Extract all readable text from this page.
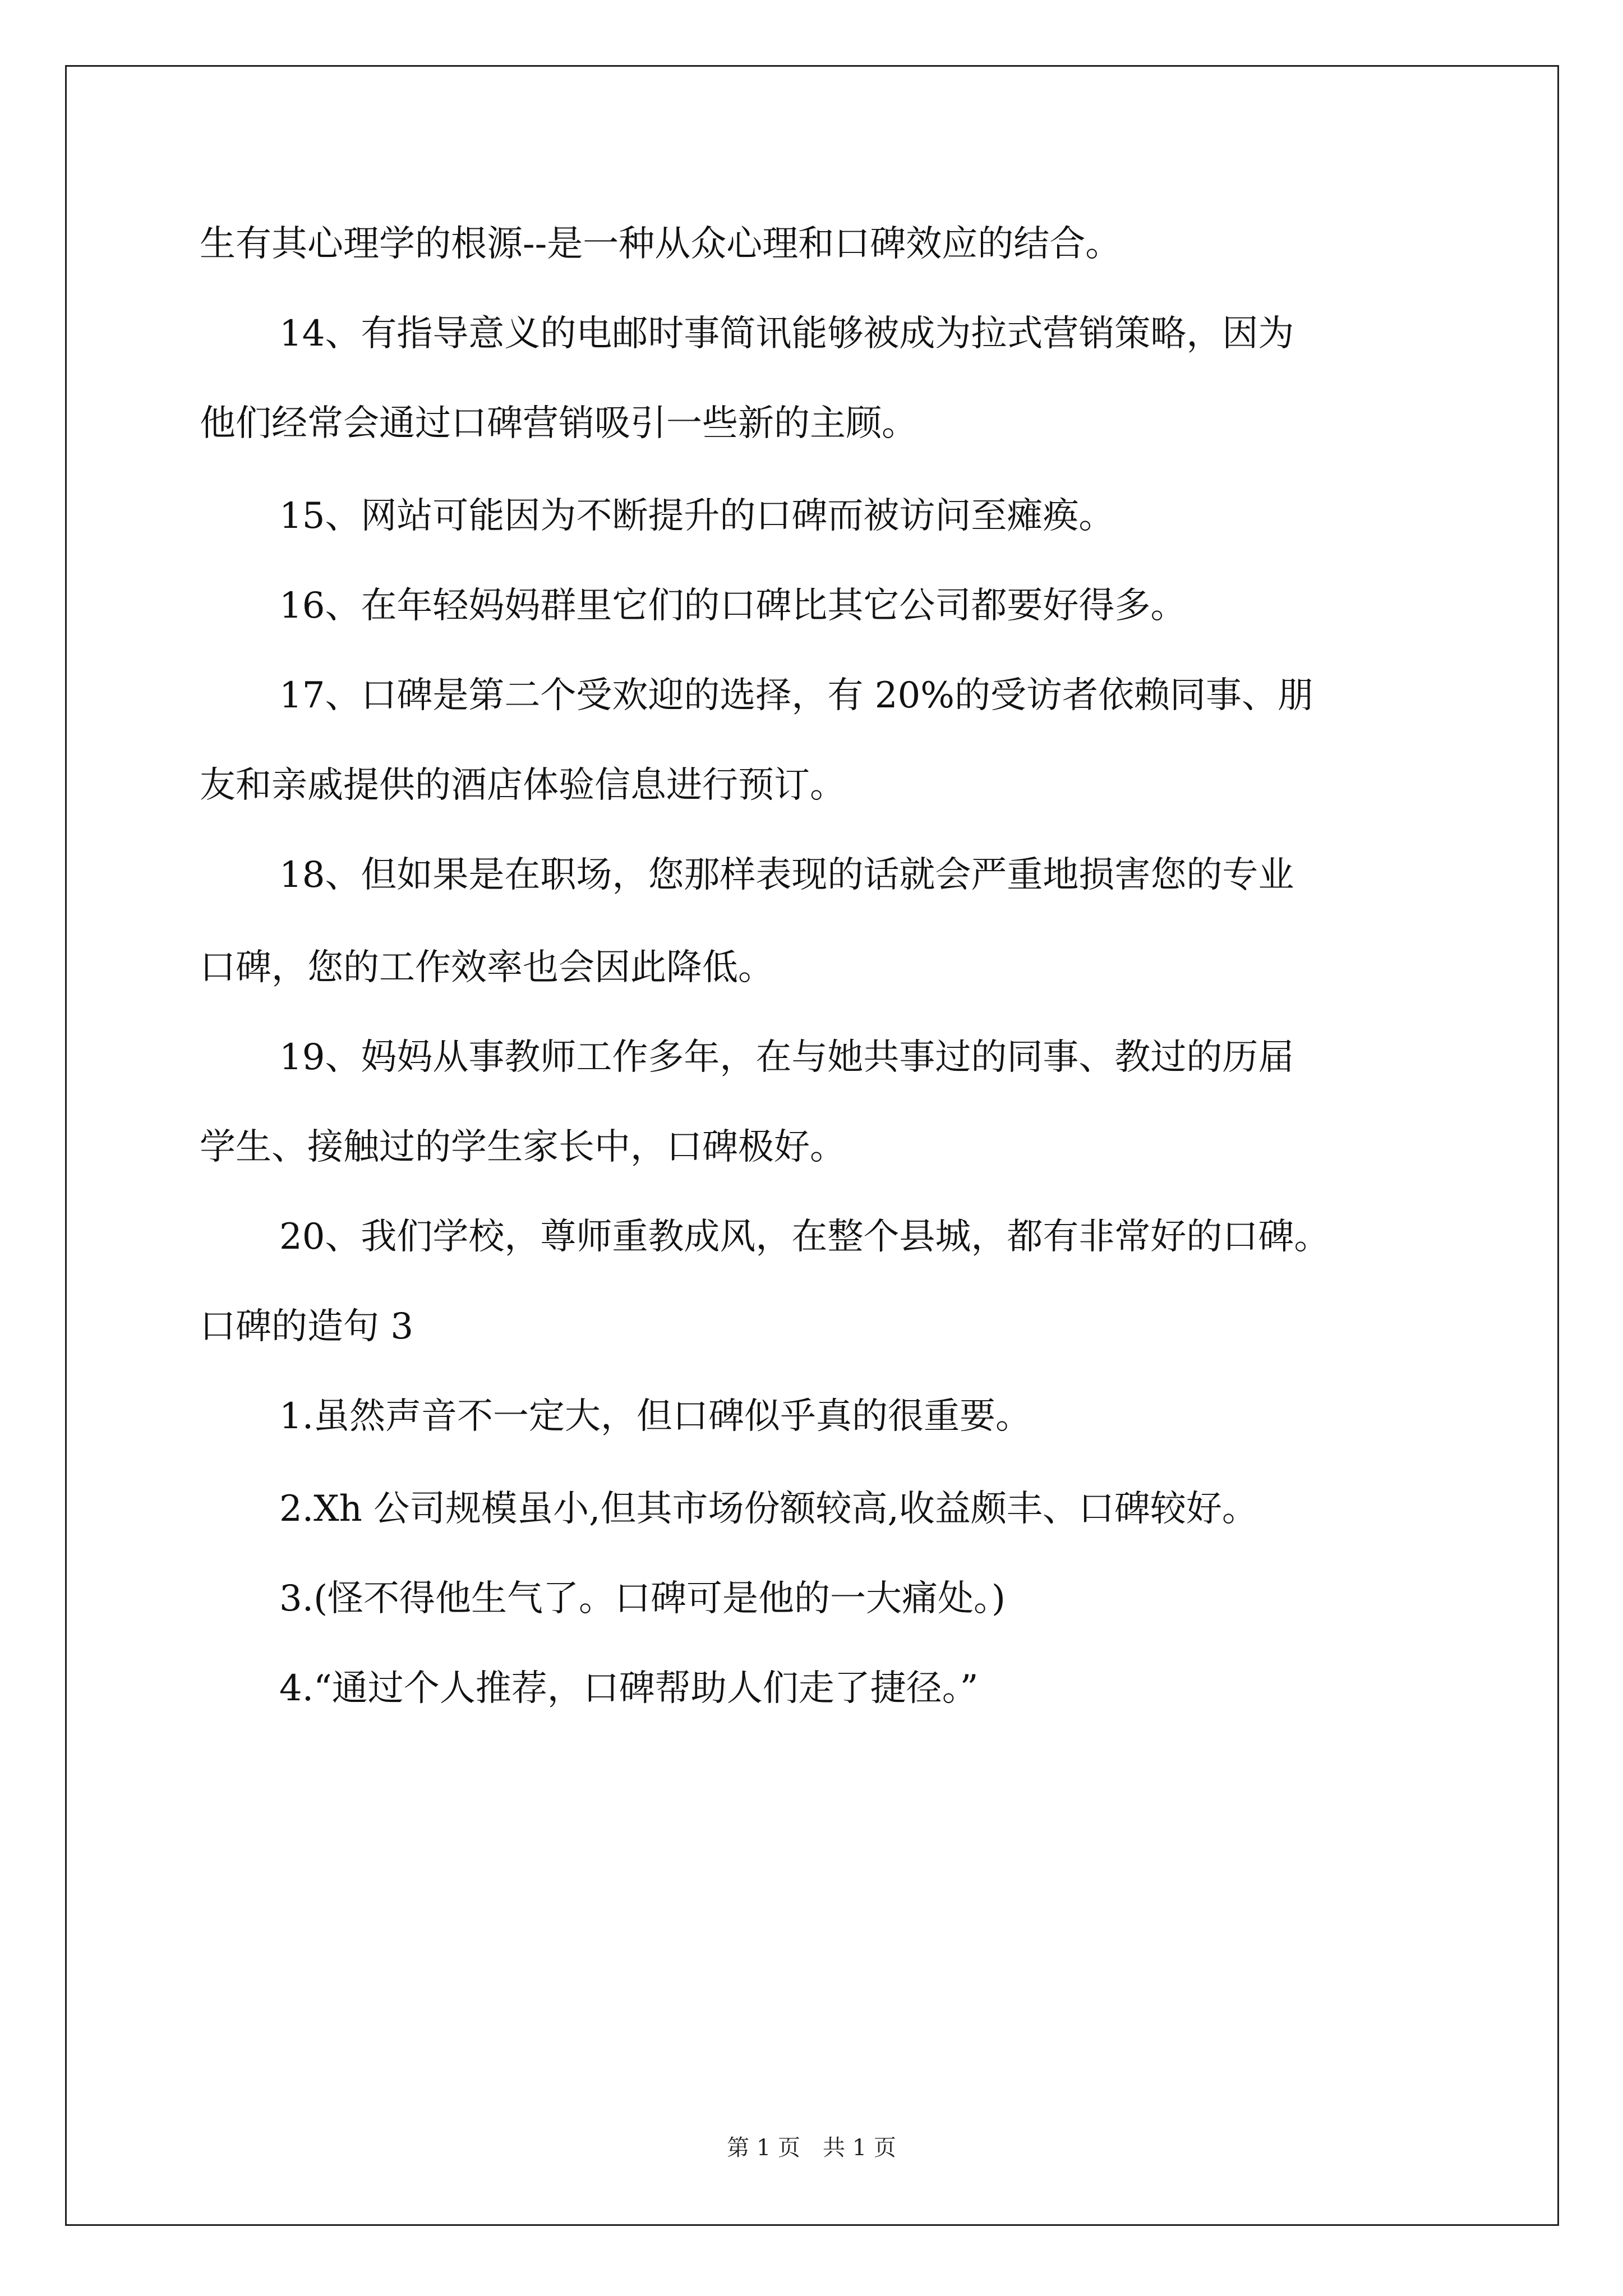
生有其心理学的根源--是一种从众心理和口碑效应的结合。

14、有指导意义的电邮时事简讯能够被成为拉式营销策略，因为

他们经常会通过口碑营销吸引一些新的主顾。

15、网站可能因为不断提升的口碑而被访问至瘫痪。

16、在年轻妈妈群里它们的口碑比其它公司都要好得多。

17、口碑是第二个受欢迎的选择，有 20%的受访者依赖同事、朋

友和亲戚提供的酒店体验信息进行预订。

18、但如果是在职场，您那样表现的话就会严重地损害您的专业

口碑，您的工作效率也会因此降低。

19、妈妈从事教师工作多年，在与她共事过的同事、教过的历届

学生、接触过的学生家长中，口碑极好。

20、我们学校，尊师重教成风，在整个县城，都有非常好的口碑。

口碑的造句 3

1.虽然声音不一定大，但口碑似乎真的很重要。

2.Xh 公司规模虽小,但其市场份额较高,收益颇丰、口碑较好。

3.(怪不得他生气了。口碑可是他的一大痛处。)

4.“通过个人推荐，口碑帮助人们走了捷径。”

第 1 页　共 1 页
